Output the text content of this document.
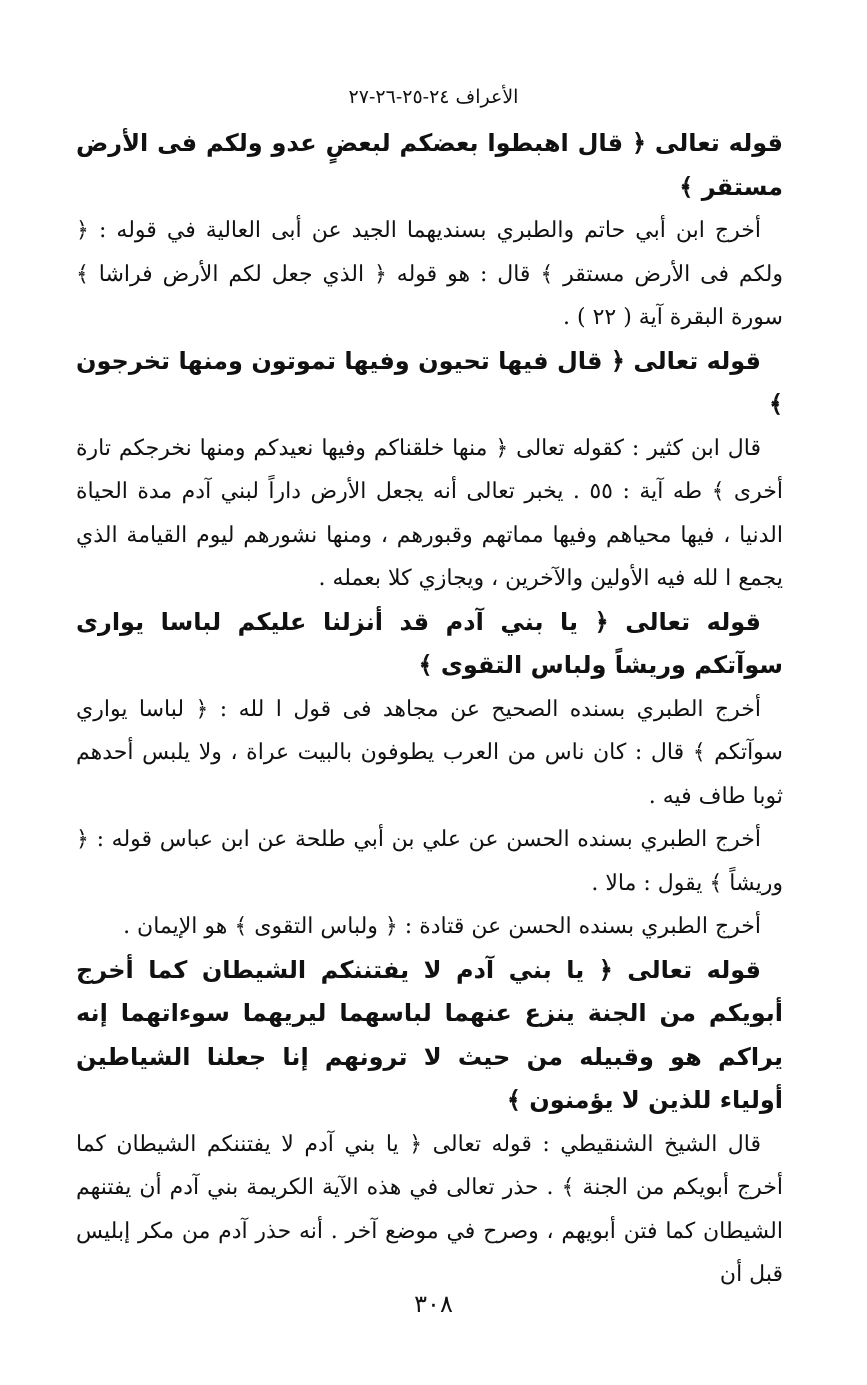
الأعراف ٢٤-٢٥-٢٦-٢٧

قوله تعالى ﴿ قال اهبطوا بعضكم لبعضٍ عدو ولكم فى الأرض مستقر ﴾

أخرج ابن أبي حاتم والطبري بسنديهما الجيد عن أبى العالية في قوله : ﴿ ولكم فى الأرض مستقر ﴾ قال : هو قوله ﴿ الذي جعل لكم الأرض فراشا ﴾ سورة البقرة آية ( ٢٢ ) .

قوله تعالى ﴿ قال فيها تحيون وفيها تموتون ومنها تخرجون ﴾

قال ابن كثير : كقوله تعالى ﴿ منها خلقناكم وفيها نعيدكم ومنها نخرجكم تارة أخرى ﴾ طه آية : ٥٥ . يخبر تعالى أنه يجعل الأرض داراً لبني آدم مدة الحياة الدنيا ، فيها محياهم وفيها مماتهم وقبورهم ، ومنها نشورهم ليوم القيامة الذي يجمع ا لله فيه الأولين والآخرين ، ويجازي كلا بعمله .

قوله تعالى ﴿ يا بني آدم قد أنزلنا عليكم لباسا يوارى سوآتكم وريشاً ولباس التقوى ﴾

أخرج الطبري بسنده الصحيح عن مجاهد فى قول ا لله : ﴿ لباسا يواري سوآتكم ﴾ قال : كان ناس من العرب يطوفون بالبيت عراة ، ولا يلبس أحدهم ثوبا طاف فيه .

أخرج الطبري بسنده الحسن عن علي بن أبي طلحة عن ابن عباس قوله : ﴿ وريشاً ﴾ يقول : مالا .

أخرج الطبري بسنده الحسن عن قتادة : ﴿ ولباس التقوى ﴾ هو الإيمان .

قوله تعالى ﴿ يا بني آدم لا يفتننكم الشيطان كما أخرج أبويكم من الجنة ينزع عنهما لباسهما ليريهما سوءاتهما إنه يراكم هو وقبيله من حيث لا ترونهم إنا جعلنا الشياطين أولياء للذين لا يؤمنون ﴾

قال الشيخ الشنقيطي : قوله تعالى ﴿ يا بني آدم لا يفتننكم الشيطان كما أخرج أبويكم من الجنة ﴾ . حذر تعالى في هذه الآية الكريمة بني آدم أن يفتنهم الشيطان كما فتن أبويهم ، وصرح في موضع آخر . أنه حذر آدم من مكر إبليس قبل أن

٣٠٨
